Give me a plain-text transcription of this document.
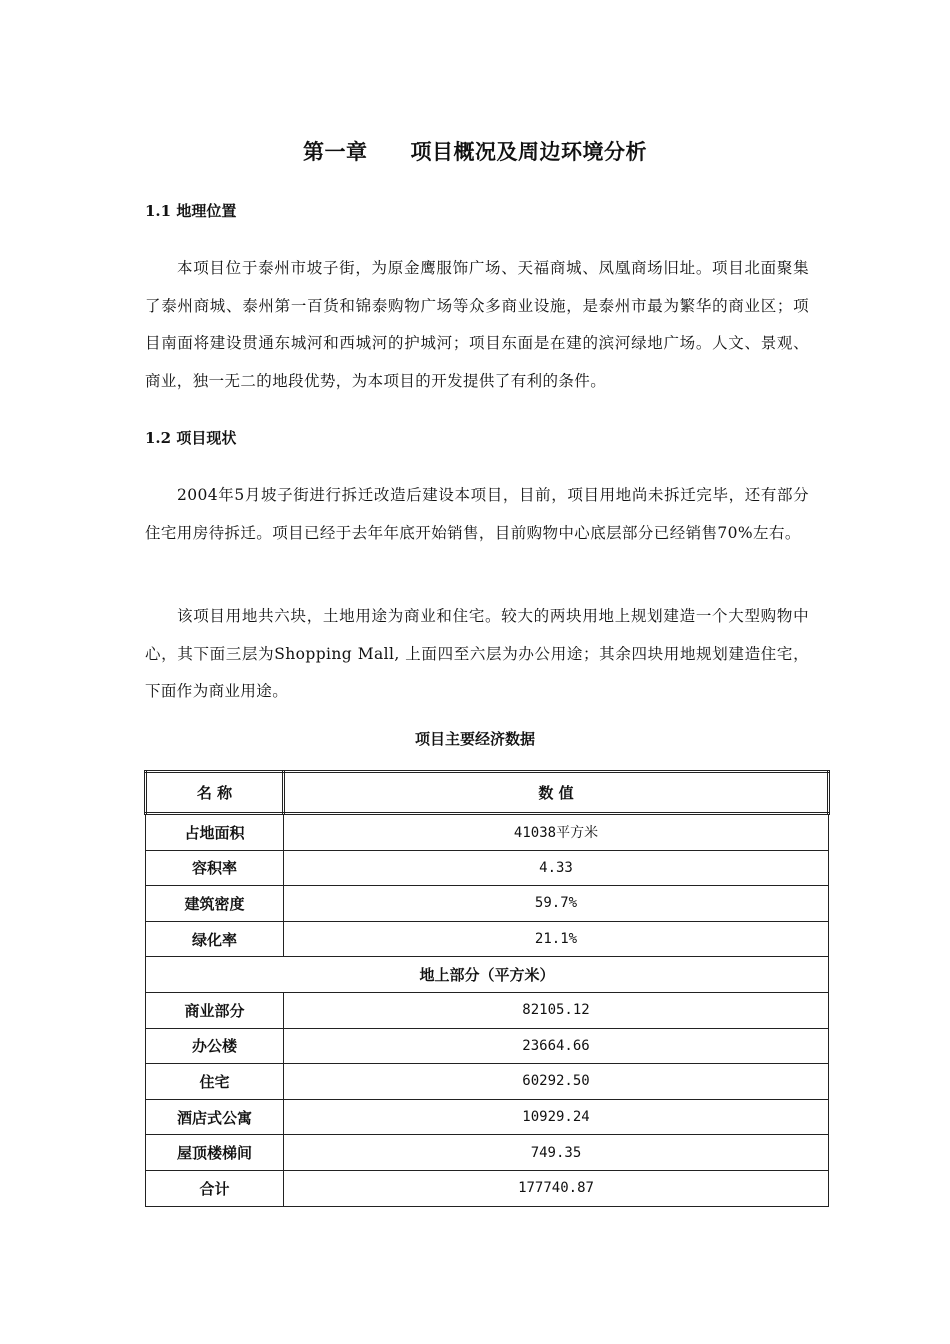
第一章　　项目概况及周边环境分析
1.1 地理位置
本项目位于泰州市坡子街，为原金鹰服饰广场、天福商城、凤凰商场旧址。项目北面聚集了泰州商城、泰州第一百货和锦泰购物广场等众多商业设施，是泰州市最为繁华的商业区；项目南面将建设贯通东城河和西城河的护城河；项目东面是在建的滨河绿地广场。人文、景观、商业，独一无二的地段优势，为本项目的开发提供了有利的条件。
1.2 项目现状
2004年5月坡子街进行拆迁改造后建设本项目，目前，项目用地尚未拆迁完毕，还有部分住宅用房待拆迁。项目已经于去年年底开始销售，目前购物中心底层部分已经销售70%左右。
该项目用地共六块，土地用途为商业和住宅。较大的两块用地上规划建造一个大型购物中心，其下面三层为Shopping Mall, 上面四至六层为办公用途；其余四块用地规划建造住宅，下面作为商业用途。
项目主要经济数据
名 称	数 值
占地面积	41038平方米
容积率	4.33
建筑密度	59.7%
绿化率	21.1%
地上部分（平方米）	
商业部分	82105.12
办公楼	23664.66
住宅	60292.50
酒店式公寓	10929.24
屋顶楼梯间	749.35
合计	177740.87
